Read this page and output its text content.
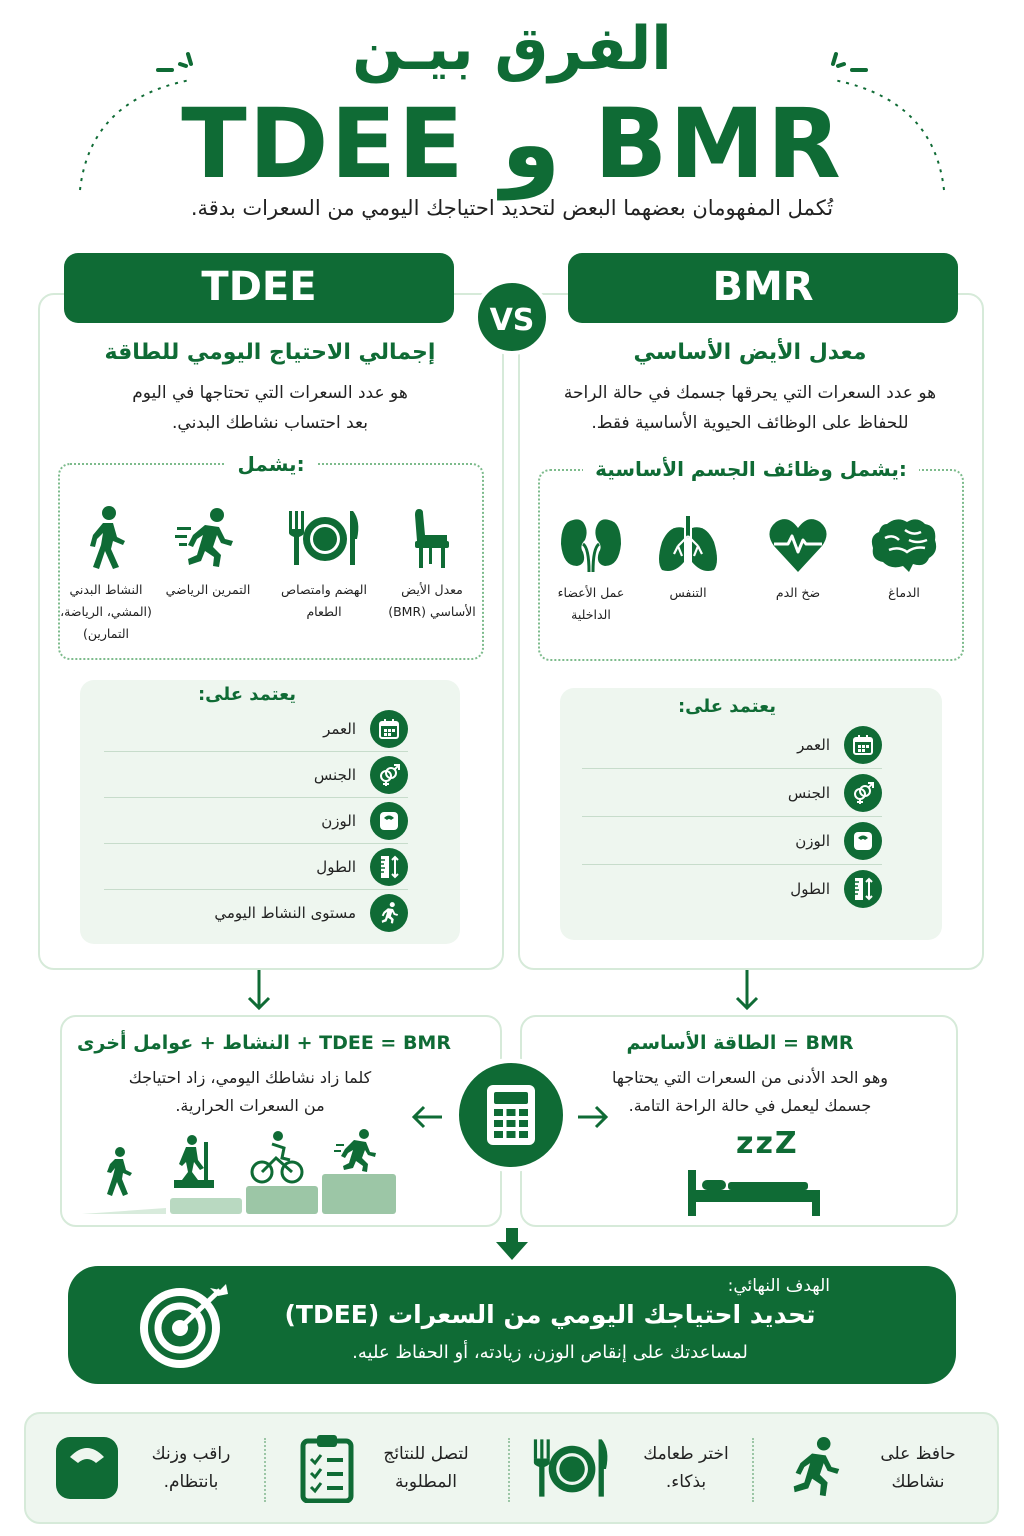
الفرق بيـن
TDEE و BMR
تُكمل المفهومان بعضهما البعض لتحديد احتياجك اليومي من السعرات بدقة.
TDEE	BMR
VS
إجمالي الاحتياج اليومي للطاقة
هو عدد السعرات التي تحتاجها في اليوم
بعد احتساب نشاطك البدني.
يشمل:
معدل الأيض الأساسي (BMR)
الهضم وامتصاص الطعام
التمرين الرياضي
النشاط البدني (المشي، الرياضة، التمارين)
يعتمد على:
العمر
الجنس
الوزن
الطول
مستوى النشاط اليومي
معدل الأيض الأساسي
هو عدد السعرات التي يحرقها جسمك في حالة الراحة
للحفاظ على الوظائف الحيوية الأساسية فقط.
يشمل وظائف الجسم الأساسية:
الدماغ
ضخ الدم
التنفس
عمل الأعضاء الداخلية
يعتمد على:
العمر
الجنس
الوزن
الطول
TDEE = BMR + النشاط + عوامل أخرى
كلما زاد نشاطك اليومي، زاد احتياجك
من السعرات الحرارية.
BMR = الطاقة الأساسم
وهو الحد الأدنى من السعرات التي يحتاجها
جسمك ليعمل في حالة الراحة التامة.
zzZ
الهدف النهائي:
تحديد احتياجك اليومي من السعرات (TDEE)
لمساعدتك على إنقاص الوزن، زيادته، أو الحفاظ عليه.
حافظ على نشاطك
اختر طعامك بذكاء.
لتصل للنتائج المطلوبة
راقب وزنك بانتظام.
